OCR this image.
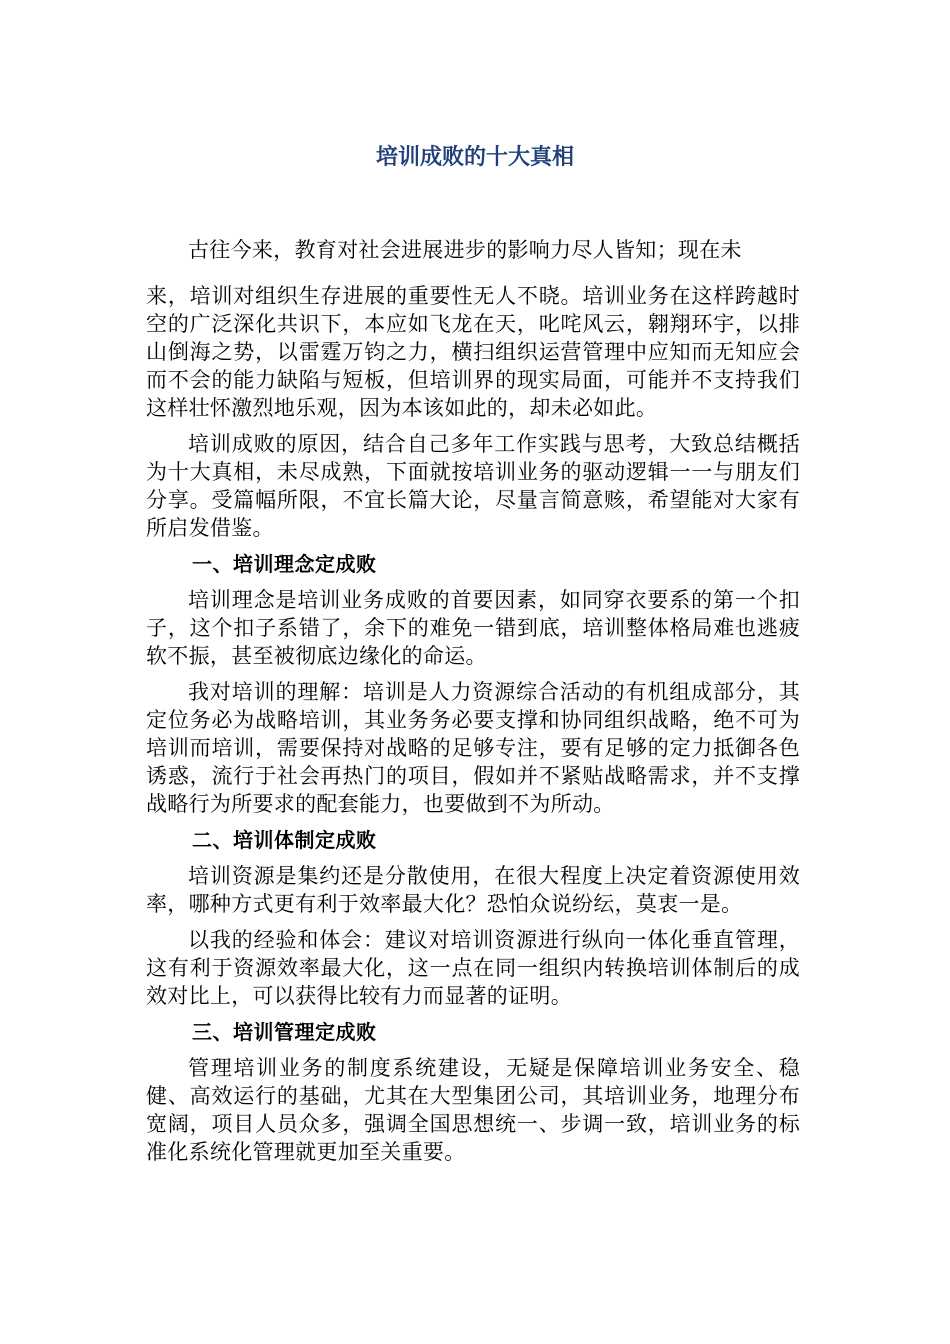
培训成败的十大真相

古往今来，教育对社会进展进步的影响力尽人皆知；现在未
来，培训对组织生存进展的重要性无人不晓。培训业务在这样跨越时空的广泛深化共识下，本应如飞龙在天，叱咤风云，翱翔环宇，以排山倒海之势，以雷霆万钧之力，横扫组织运营管理中应知而无知应会而不会的能力缺陷与短板，但培训界的现实局面，可能并不支持我们这样壮怀激烈地乐观，因为本该如此的，却未必如此。

培训成败的原因，结合自己多年工作实践与思考，大致总结概括为十大真相，未尽成熟，下面就按培训业务的驱动逻辑一一与朋友们分享。受篇幅所限，不宜长篇大论，尽量言简意赅，希望能对大家有所启发借鉴。

一、培训理念定成败

培训理念是培训业务成败的首要因素，如同穿衣要系的第一个扣子，这个扣子系错了，余下的难免一错到底，培训整体格局难也逃疲软不振，甚至被彻底边缘化的命运。

我对培训的理解：培训是人力资源综合活动的有机组成部分，其定位务必为战略培训，其业务务必要支撑和协同组织战略，绝不可为培训而培训，需要保持对战略的足够专注，要有足够的定力抵御各色诱惑，流行于社会再热门的项目，假如并不紧贴战略需求，并不支撑战略行为所要求的配套能力，也要做到不为所动。

二、培训体制定成败

培训资源是集约还是分散使用，在很大程度上决定着资源使用效率，哪种方式更有利于效率最大化？恐怕众说纷纭，莫衷一是。

以我的经验和体会：建议对培训资源进行纵向一体化垂直管理，这有利于资源效率最大化，这一点在同一组织内转换培训体制后的成效对比上，可以获得比较有力而显著的证明。

三、培训管理定成败

管理培训业务的制度系统建设，无疑是保障培训业务安全、稳健、高效运行的基础，尤其在大型集团公司，其培训业务，地理分布宽阔，项目人员众多，强调全国思想统一、步调一致，培训业务的标准化系统化管理就更加至关重要。
